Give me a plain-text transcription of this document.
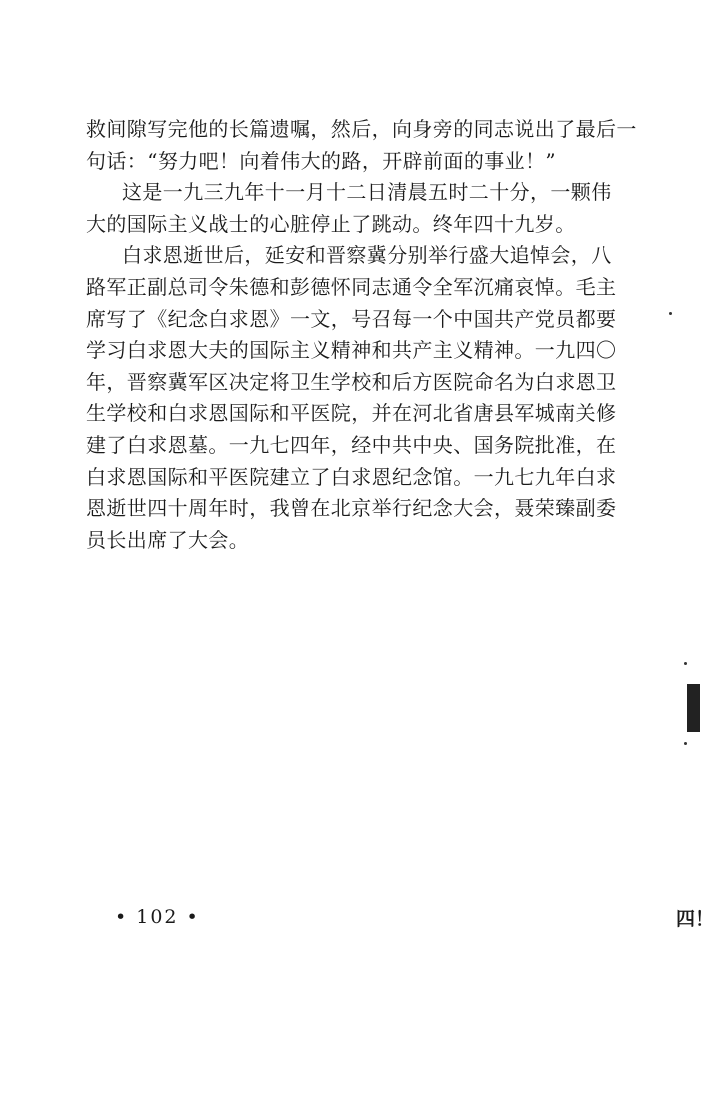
救间隙写完他的长篇遗嘱，然后，向身旁的同志说出了最后一
句话：“努力吧！向着伟大的路，开辟前面的事业！”
这是一九三九年十一月十二日清晨五时二十分，一颗伟
大的国际主义战士的心脏停止了跳动。终年四十九岁。
白求恩逝世后，延安和晋察冀分别举行盛大追悼会，八
路军正副总司令朱德和彭德怀同志通令全军沉痛哀悼。毛主
席写了《纪念白求恩》一文，号召每一个中国共产党员都要
学习白求恩大夫的国际主义精神和共产主义精神。一九四〇
年，晋察冀军区决定将卫生学校和后方医院命名为白求恩卫
生学校和白求恩国际和平医院，并在河北省唐县军城南关修
建了白求恩墓。一九七四年，经中共中央、国务院批准，在
白求恩国际和平医院建立了白求恩纪念馆。一九七九年白求
恩逝世四十周年时，我曾在北京举行纪念大会，聂荣臻副委
员长出席了大会。
• 102 •	四！
